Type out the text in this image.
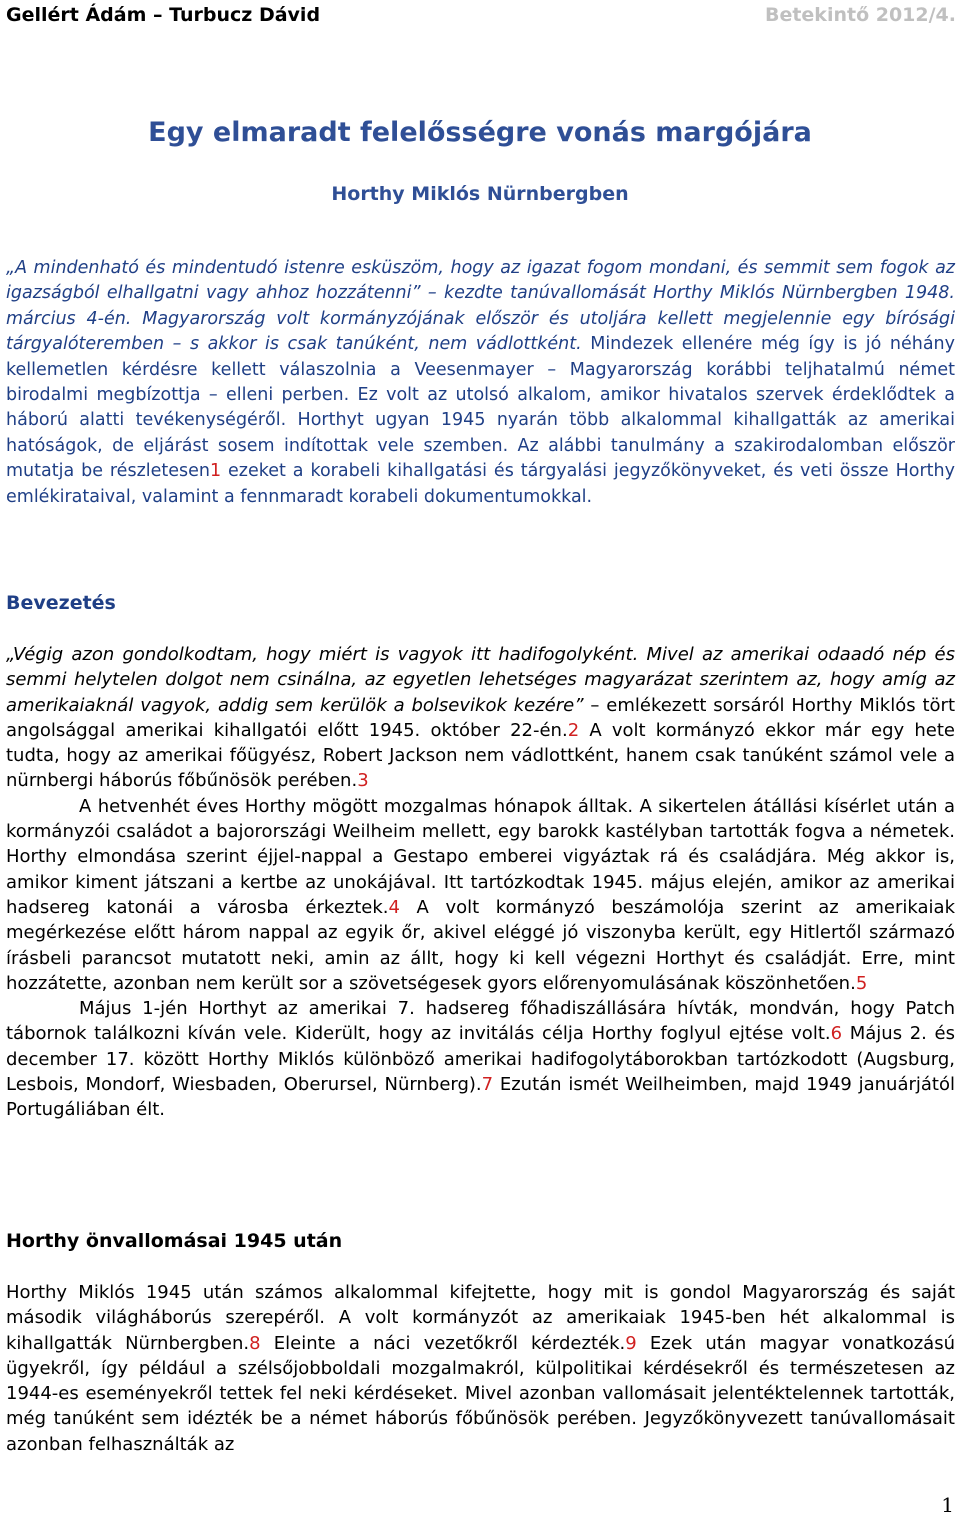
Gellért Ádám – Turbucz Dávid	Betekintő 2012/4.
Egy elmaradt felelősségre vonás margójára
Horthy Miklós Nürnbergben
„A mindenható és mindentudó istenre esküszöm, hogy az igazat fogom mondani, és semmit sem fogok az igazságból elhallgatni vagy ahhoz hozzátenni” – kezdte tanúvallomását Horthy Miklós Nürnbergben 1948. március 4-én. Magyarország volt kormányzójának először és utoljára kellett megjelennie egy bírósági tárgyalóteremben – s akkor is csak tanúként, nem vádlottként. Mindezek ellenére még így is jó néhány kellemetlen kérdésre kellett válaszolnia a Veesenmayer – Magyarország korábbi teljhatalmú német birodalmi megbízottja – elleni perben. Ez volt az utolsó alkalom, amikor hivatalos szervek érdeklődtek a háború alatti tevékenységéről. Horthyt ugyan 1945 nyarán több alkalommal kihallgatták az amerikai hatóságok, de eljárást sosem indítottak vele szemben. Az alábbi tanulmány a szakirodalomban először mutatja be részletesen1 ezeket a korabeli kihallgatási és tárgyalási jegyzőkönyveket, és veti össze Horthy emlékirataival, valamint a fennmaradt korabeli dokumentumokkal.
Bevezetés

„Végig azon gondolkodtam, hogy miért is vagyok itt hadifogolyként. Mivel az amerikai odaadó nép és semmi helytelen dolgot nem csinálna, az egyetlen lehetséges magyarázat szerintem az, hogy amíg az amerikaiaknál vagyok, addig sem kerülök a bolsevikok kezére” – emlékezett sorsáról Horthy Miklós tört angolsággal amerikai kihallgatói előtt 1945. október 22-én.2 A volt kormányzó ekkor már egy hete tudta, hogy az amerikai főügyész, Robert Jackson nem vádlottként, hanem csak tanúként számol vele a nürnbergi háborús főbűnösök perében.3

A hetvenhét éves Horthy mögött mozgalmas hónapok álltak. A sikertelen átállási kísérlet után a kormányzói családot a bajorországi Weilheim mellett, egy barokk kastélyban tartották fogva a németek. Horthy elmondása szerint éjjel-nappal a Gestapo emberei vigyáztak rá és családjára. Még akkor is, amikor kiment játszani a kertbe az unokájával. Itt tartózkodtak 1945. május elején, amikor az amerikai hadsereg katonái a városba érkeztek.4 A volt kormányzó beszámolója szerint az amerikaiak megérkezése előtt három nappal az egyik őr, akivel eléggé jó viszonyba került, egy Hitlertől származó írásbeli parancsot mutatott neki, amin az állt, hogy ki kell végezni Horthyt és családját. Erre, mint hozzátette, azonban nem került sor a szövetségesek gyors előrenyomulásának köszönhetően.5

Május 1-jén Horthyt az amerikai 7. hadsereg főhadiszállására hívták, mondván, hogy Patch tábornok találkozni kíván vele. Kiderült, hogy az invitálás célja Horthy foglyul ejtése volt.6 Május 2. és december 17. között Horthy Miklós különböző amerikai hadifogolytáborokban tartózkodott (Augsburg, Lesbois, Mondorf, Wiesbaden, Oberursel, Nürnberg).7 Ezután ismét Weilheimben, majd 1949 januárjától Portugáliában élt.

Horthy önvallomásai 1945 után

Horthy Miklós 1945 után számos alkalommal kifejtette, hogy mit is gondol Magyarország és saját második világháborús szerepéről. A volt kormányzót az amerikaiak 1945-ben hét alkalommal is kihallgatták Nürnbergben.8 Eleinte a náci vezetőkről kérdezték.9 Ezek után magyar vonatkozású ügyekről, így például a szélsőjobboldali mozgalmakról, külpolitikai kérdésekről és természetesen az 1944-es eseményekről tettek fel neki kérdéseket. Mivel azonban vallomásait jelentéktelennek tartották, még tanúként sem idézték be a német háborús főbűnösök perében. Jegyzőkönyvezett tanúvallomásait azonban felhasználták az

1
